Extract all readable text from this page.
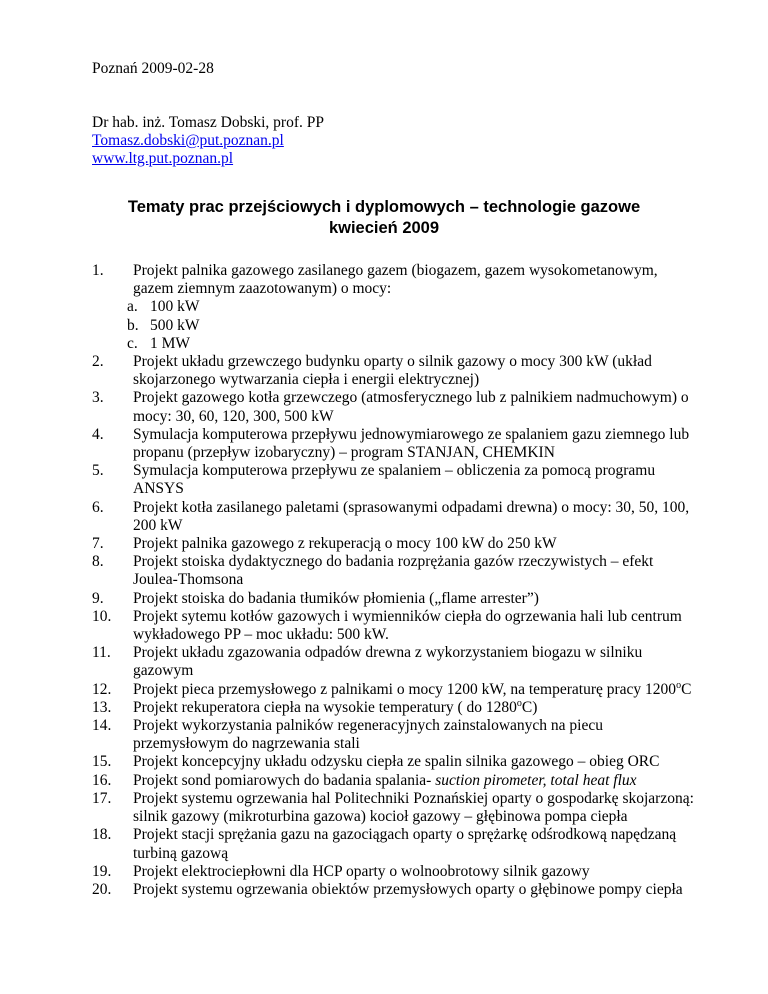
Poznań 2009-02-28
Dr hab. inż. Tomasz Dobski, prof. PP
Tomasz.dobski@put.poznan.pl
www.ltg.put.poznan.pl
Tematy prac przejściowych i dyplomowych – technologie gazowe
kwiecień 2009
1.	Projekt palnika gazowego zasilanego gazem (biogazem, gazem wysokometanowym, gazem ziemnym zaazotowanym) o mocy:
a. 100 kW
b. 500 kW
c. 1 MW
2.	Projekt układu grzewczego budynku oparty o silnik gazowy o mocy 300 kW (układ skojarzonego wytwarzania ciepła i energii elektrycznej)
3.	Projekt gazowego kotła grzewczego (atmosferycznego lub z palnikiem nadmuchowym) o mocy: 30, 60, 120, 300, 500 kW
4.	Symulacja komputerowa przepływu jednowymiarowego ze spalaniem gazu ziemnego lub propanu (przepływ izobaryczny) – program STANJAN, CHEMKIN
5.	Symulacja komputerowa przepływu ze spalaniem – obliczenia za pomocą programu ANSYS
6.	Projekt kotła zasilanego paletami (sprasowanymi odpadami drewna) o mocy: 30, 50, 100, 200 kW
7.	Projekt palnika gazowego z rekuperacją o mocy 100 kW do 250 kW
8.	Projekt stoiska dydaktycznego do badania rozprężania gazów rzeczywistych – efekt Joulea-Thomsona
9.	Projekt stoiska do badania tłumików płomienia („flame arrester”)
10.	Projekt sytemu kotłów gazowych i wymienników ciepła do ogrzewania hali lub centrum wykładowego PP – moc układu: 500 kW.
11.	Projekt układu zgazowania odpadów drewna z wykorzystaniem biogazu w silniku gazowym
12.	Projekt pieca przemysłowego z palnikami o mocy 1200 kW, na temperaturę pracy 1200$^o$C
13.	Projekt rekuperatora ciepła na wysokie temperatury ( do 1280$^o$C)
14.	Projekt wykorzystania palników regeneracyjnych zainstalowanych na piecu przemysłowym do nagrzewania stali
15.	Projekt koncepcyjny układu odzysku ciepła ze spalin silnika gazowego – obieg ORC
16.	Projekt sond pomiarowych do badania spalania- suction pirometer, total heat flux
17.	Projekt systemu ogrzewania hal Politechniki Poznańskiej oparty o gospodarkę skojarzoną: silnik gazowy (mikroturbina gazowa) kocioł gazowy – głębinowa pompa ciepła
18.	Projekt stacji sprężania gazu na gazociągach oparty o sprężarkę odśrodkową napędzaną turbiną gazową
19.	Projekt elektrociepłowni dla HCP oparty o wolnoobrotowy silnik gazowy
20.	Projekt systemu ogrzewania obiektów przemysłowych oparty o głębinowe pompy ciepła
